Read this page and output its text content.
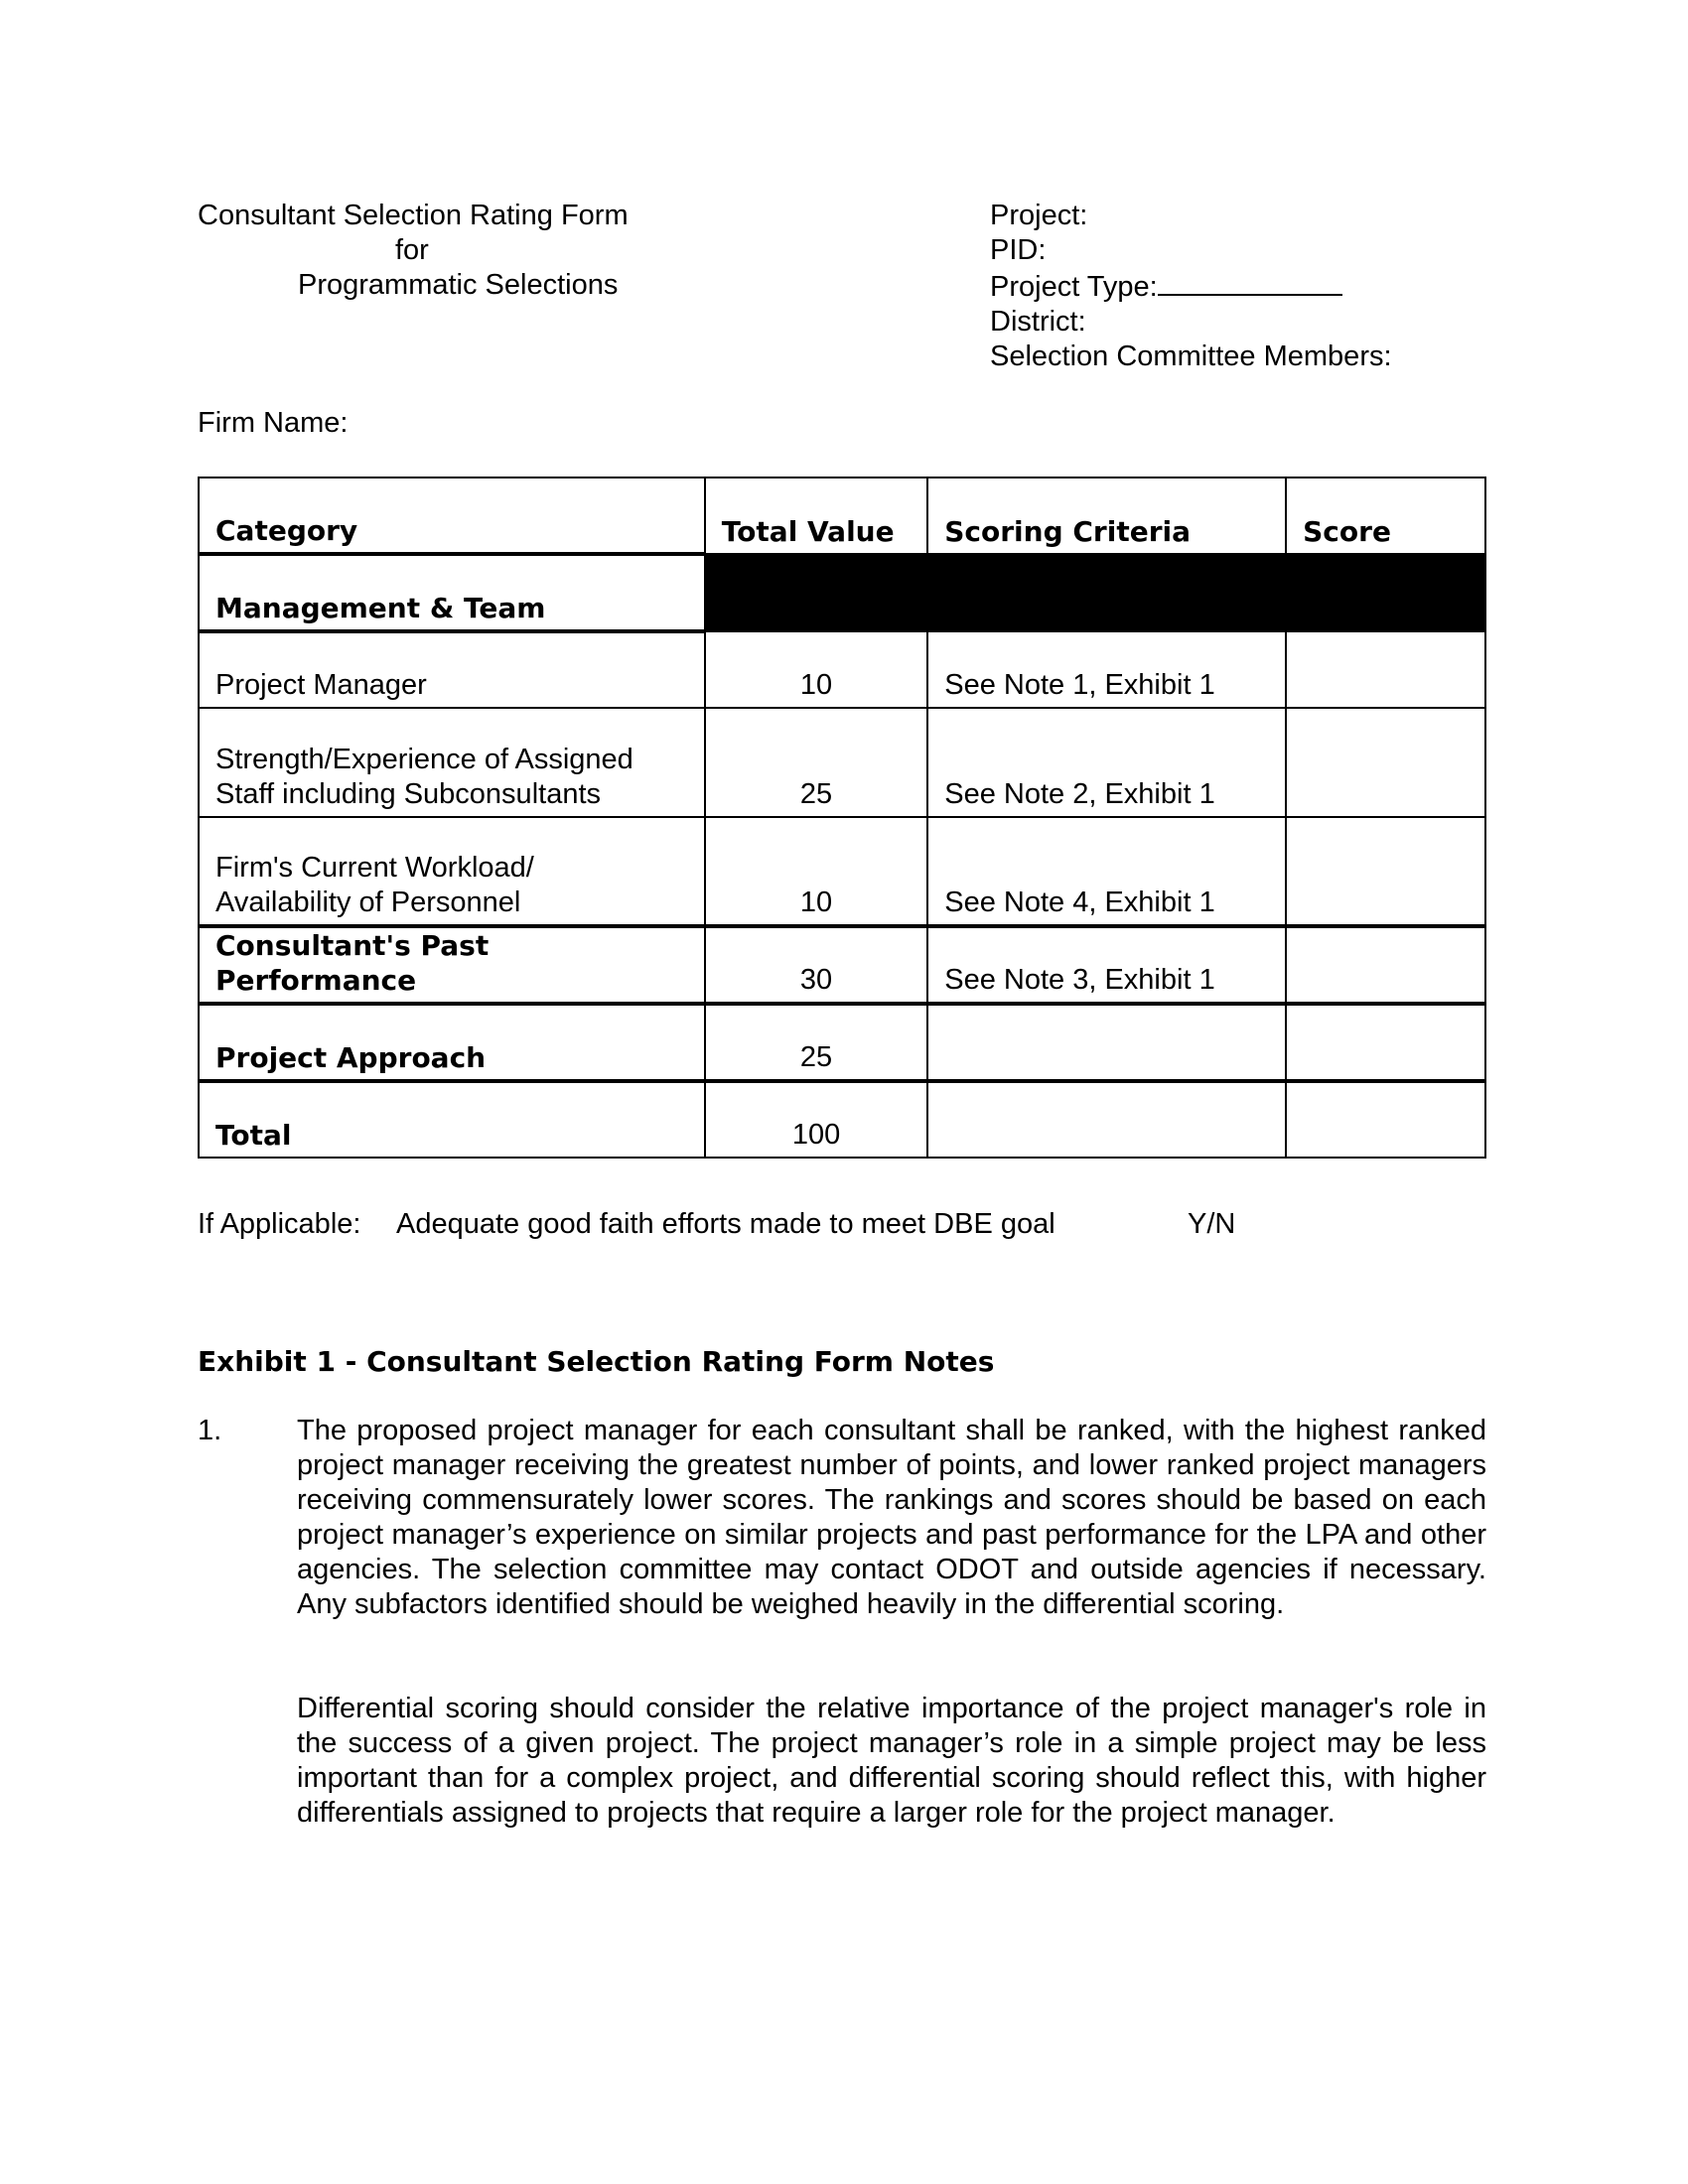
Consultant Selection Rating Form
for
Programmatic Selections
Project:
PID:
Project Type:
District:
Selection Committee Members:
Firm Name:
Category	Total Value	Scoring Criteria	Score
Management & Team			
Project Manager	10	See Note 1, Exhibit 1	

Strength/Experience of Assigned
Staff including Subconsultants	25	See Note 2, Exhibit 1	

Firm's Current Workload/
Availability of Personnel	10	See Note 4, Exhibit 1	
Consultant's Past Performance	30	See Note 3, Exhibit 1	
Project Approach	25		
Total	100		
If Applicable: Adequate good faith efforts made to meet DBE goal	Y/N
Exhibit 1 - Consultant Selection Rating Form Notes
1.	The proposed project manager for each consultant shall be ranked, with the highest ranked project manager receiving the greatest number of points, and lower ranked project managers receiving commensurately lower scores. The rankings and scores should be based on each project manager’s experience on similar projects and past performance for the LPA and other agencies. The selection committee may contact ODOT and outside agencies if necessary. Any subfactors identified should be weighed heavily in the differential scoring.
Differential scoring should consider the relative importance of the project manager's role in the success of a given project. The project manager’s role in a simple project may be less important than for a complex project, and differential scoring should reflect this, with higher differentials assigned to projects that require a larger role for the project manager.
